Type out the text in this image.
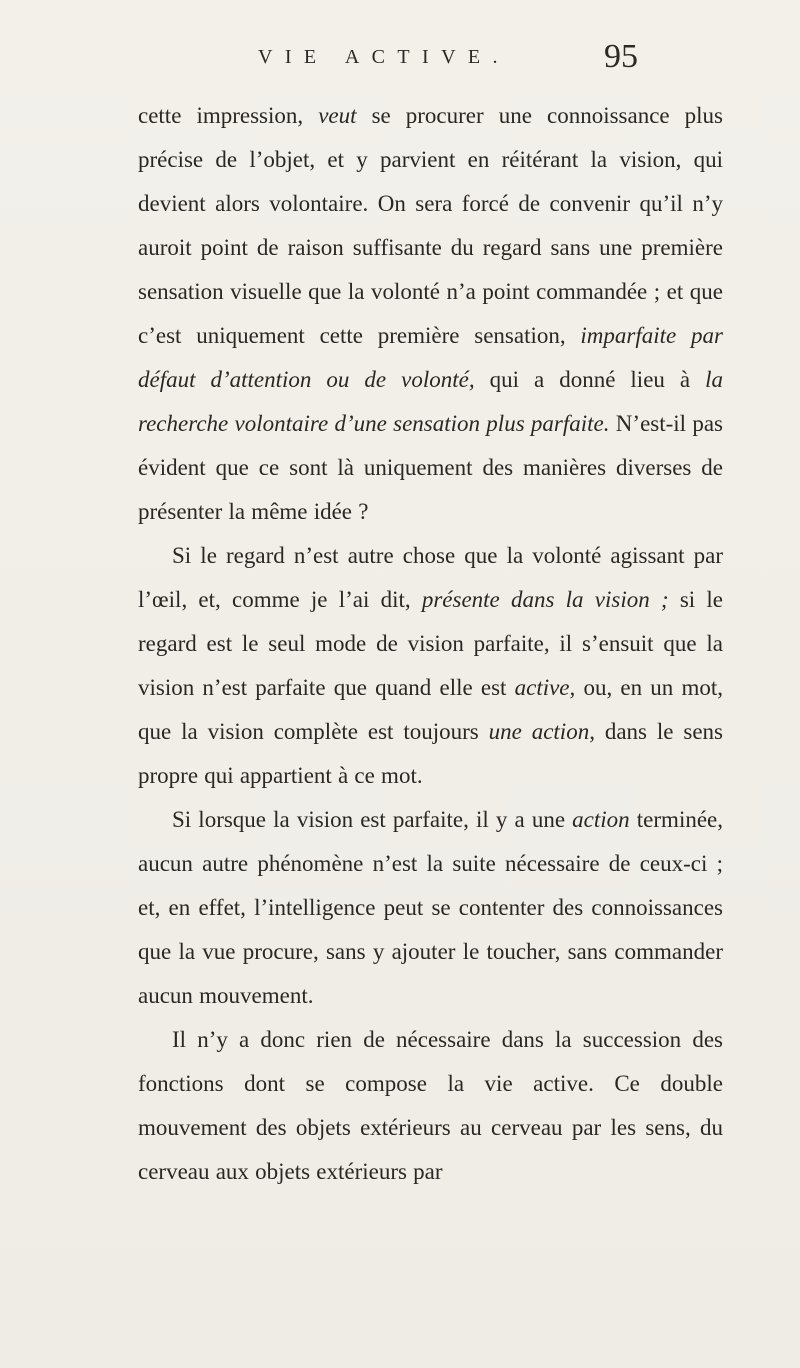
VIE ACTIVE.	95

cette impression, veut se procurer une connoissance plus précise de l’objet, et y parvient en réitérant la vision, qui devient alors volontaire. On sera forcé de convenir qu’il n’y auroit point de raison suffisante du regard sans une première sensation visuelle que la volonté n’a point commandée ; et que c’est uniquement cette première sensation, imparfaite par défaut d’attention ou de volonté, qui a donné lieu à la recherche volontaire d’une sensation plus parfaite. N’est-il pas évident que ce sont là uniquement des manières diverses de présenter la même idée ?

Si le regard n’est autre chose que la volonté agissant par l’œil, et, comme je l’ai dit, présente dans la vision ; si le regard est le seul mode de vision parfaite, il s’ensuit que la vision n’est parfaite que quand elle est active, ou, en un mot, que la vision complète est toujours une action, dans le sens propre qui appartient à ce mot.

Si lorsque la vision est parfaite, il y a une action terminée, aucun autre phénomène n’est la suite nécessaire de ceux-ci ; et, en effet, l’intelligence peut se contenter des connoissances que la vue procure, sans y ajouter le toucher, sans commander aucun mouvement.

Il n’y a donc rien de nécessaire dans la succession des fonctions dont se compose la vie active. Ce double mouvement des objets extérieurs au cerveau par les sens, du cerveau aux objets extérieurs par
